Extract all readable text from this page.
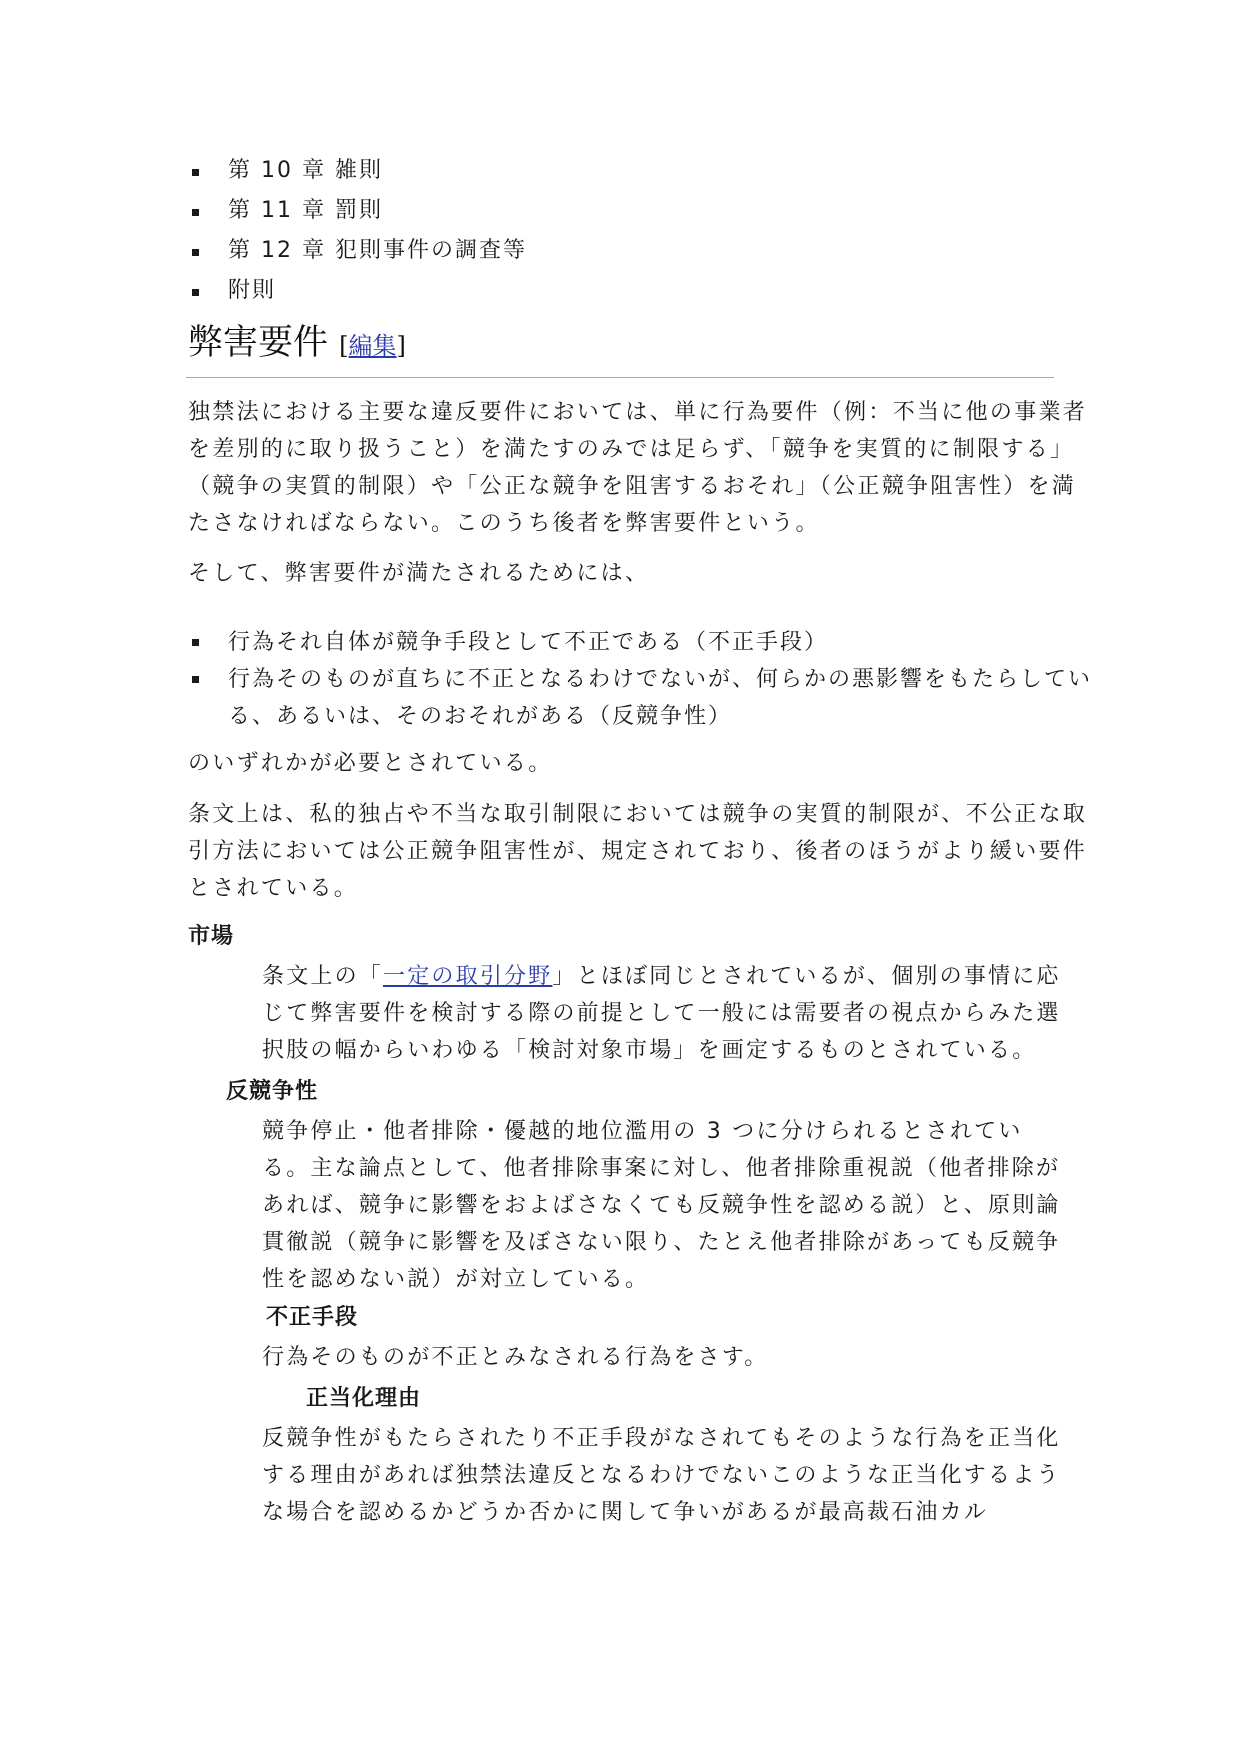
第 10 章 雑則
第 11 章 罰則
第 12 章 犯則事件の調査等
附則
弊害要件 [編集]

独禁法における主要な違反要件においては、単に行為要件（例：不当に他の事業者を差別的に取り扱うこと）を満たすのみでは足らず、「競争を実質的に制限する」（競争の実質的制限）や「公正な競争を阻害するおそれ」（公正競争阻害性）を満たさなければならない。このうち後者を弊害要件という。

そして、弊害要件が満たされるためには、

行為それ自体が競争手段として不正である（不正手段）
行為そのものが直ちに不正となるわけでないが、何らかの悪影響をもたらしている、あるいは、そのおそれがある（反競争性）

のいずれかが必要とされている。

条文上は、私的独占や不当な取引制限においては競争の実質的制限が、不公正な取引方法においては公正競争阻害性が、規定されており、後者のほうがより緩い要件とされている。

市場

条文上の「一定の取引分野」とほぼ同じとされているが、個別の事情に応じて弊害要件を検討する際の前提として一般には需要者の視点からみた選択肢の幅からいわゆる「検討対象市場」を画定するものとされている。

反競争性

競争停止・他者排除・優越的地位濫用の 3 つに分けられるとされている。主な論点として、他者排除事案に対し、他者排除重視説（他者排除があれば、競争に影響をおよばさなくても反競争性を認める説）と、原則論貫徹説（競争に影響を及ぼさない限り、たとえ他者排除があっても反競争性を認めない説）が対立している。

不正手段

行為そのものが不正とみなされる行為をさす。

正当化理由

反競争性がもたらされたり不正手段がなされてもそのような行為を正当化する理由があれば独禁法違反となるわけでないこのような正当化するような場合を認めるかどうか否かに関して争いがあるが最高裁石油カル
